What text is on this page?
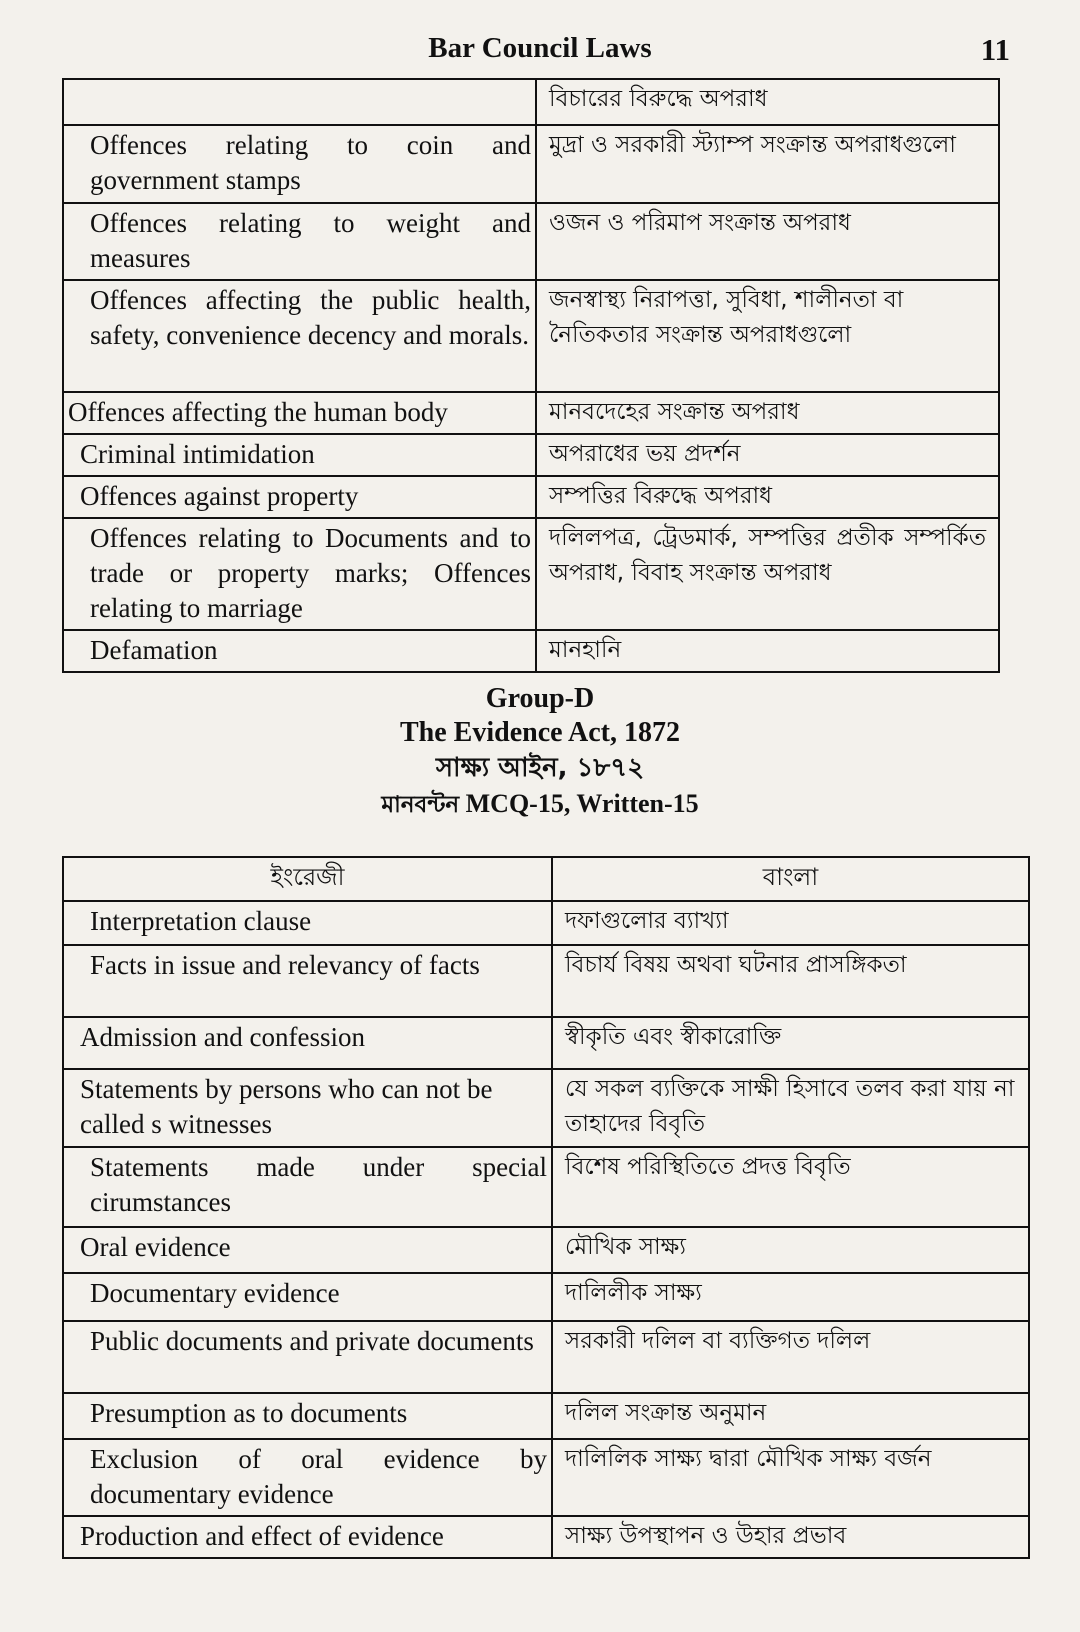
Bar Council Laws	11
	বিচারের বিরুদ্ধে অপরাধ
Offences relating to coin and government stamps	মুদ্রা ও সরকারী স্ট্যাম্প সংক্রান্ত অপরাধগুলো
Offences relating to weight and measures	ওজন ও পরিমাপ সংক্রান্ত অপরাধ
Offences affecting the public health, safety, convenience decency and morals.	জনস্বাস্থ্য নিরাপত্তা, সুবিধা, শালীনতা বা নৈতিকতার সংক্রান্ত অপরাধগুলো
Offences affecting the human body	মানবদেহের সংক্রান্ত অপরাধ
Criminal intimidation	অপরাধের ভয় প্রদর্শন
Offences against property	সম্পত্তির বিরুদ্ধে অপরাধ
Offences relating to Documents and to trade or property marks; Offences relating to marriage	দলিলপত্র, ট্রেডমার্ক, সম্পত্তির প্রতীক সম্পর্কিত অপরাধ, বিবাহ সংক্রান্ত অপরাধ
Defamation	মানহানি
Group-D
The Evidence Act, 1872
সাক্ষ্য আইন, ১৮৭২
মানবন্টন MCQ-15, Written-15
ইংরেজী	বাংলা
Interpretation clause	দফাগুলোর ব্যাখ্যা
Facts in issue and relevancy of facts	বিচার্য বিষয় অথবা ঘটনার প্রাসঙ্গিকতা
Admission and confession	স্বীকৃতি এবং স্বীকারোক্তি
Statements by persons who can not be called s witnesses	যে সকল ব্যক্তিকে সাক্ষী হিসাবে তলব করা যায় না তাহাদের বিবৃতি
Statements made under special cirumstances	বিশেষ পরিস্থিতিতে প্রদত্ত বিবৃতি
Oral evidence	মৌখিক সাক্ষ্য
Documentary evidence	দালিলীক সাক্ষ্য
Public documents and private documents	সরকারী দলিল বা ব্যক্তিগত দলিল
Presumption as to documents	দলিল সংক্রান্ত অনুমান
Exclusion of oral evidence by documentary evidence	দালিলিক সাক্ষ্য দ্বারা মৌখিক সাক্ষ্য বর্জন
Production and effect of evidence	সাক্ষ্য উপস্থাপন ও উহার প্রভাব
